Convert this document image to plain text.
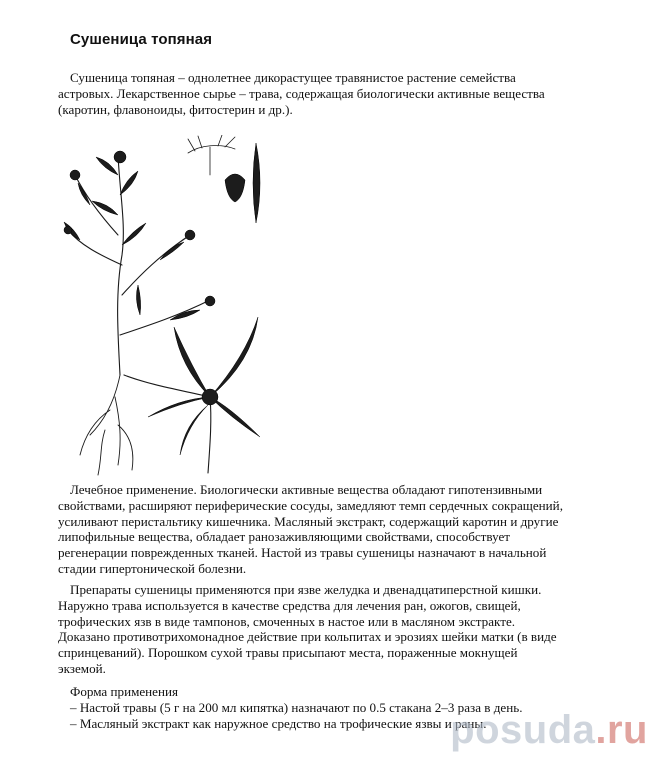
Сушеница топяная

Сушеница топяная – однолетнее дикорастущее травянистое растение семейства
астровых. Лекарственное сырье – трава, содержащая биологически активные вещества
(каротин, флавоноиды, фитостерин и др.).

Лечебное применение. Биологически активные вещества обладают гипотензивными
свойствами, расширяют периферические сосуды, замедляют темп сердечных сокращений,
усиливают перистальтику кишечника. Масляный экстракт, содержащий каротин и другие
липофильные вещества, обладает ранозаживляющими свойствами, способствует
регенерации поврежденных тканей. Настой из травы сушеницы назначают в начальной
стадии гипертонической болезни.

Препараты сушеницы применяются при язве желудка и двенадцатиперстной кишки.
Наружно трава используется в качестве средства для лечения ран, ожогов, свищей,
трофических язв в виде тампонов, смоченных в настое или в масляном экстракте.
Доказано противотрихомонадное действие при кольпитах и эрозиях шейки матки (в виде
спринцеваний). Порошком сухой травы присыпают места, пораженные мокнущей
экземой.

Форма применения
– Настой травы (5 г на 200 мл кипятка) назначают по 0.5 стакана 2–3 раза в день.
– Масляный экстракт как наружное средство на трофические язвы и раны.

posuda.ru
